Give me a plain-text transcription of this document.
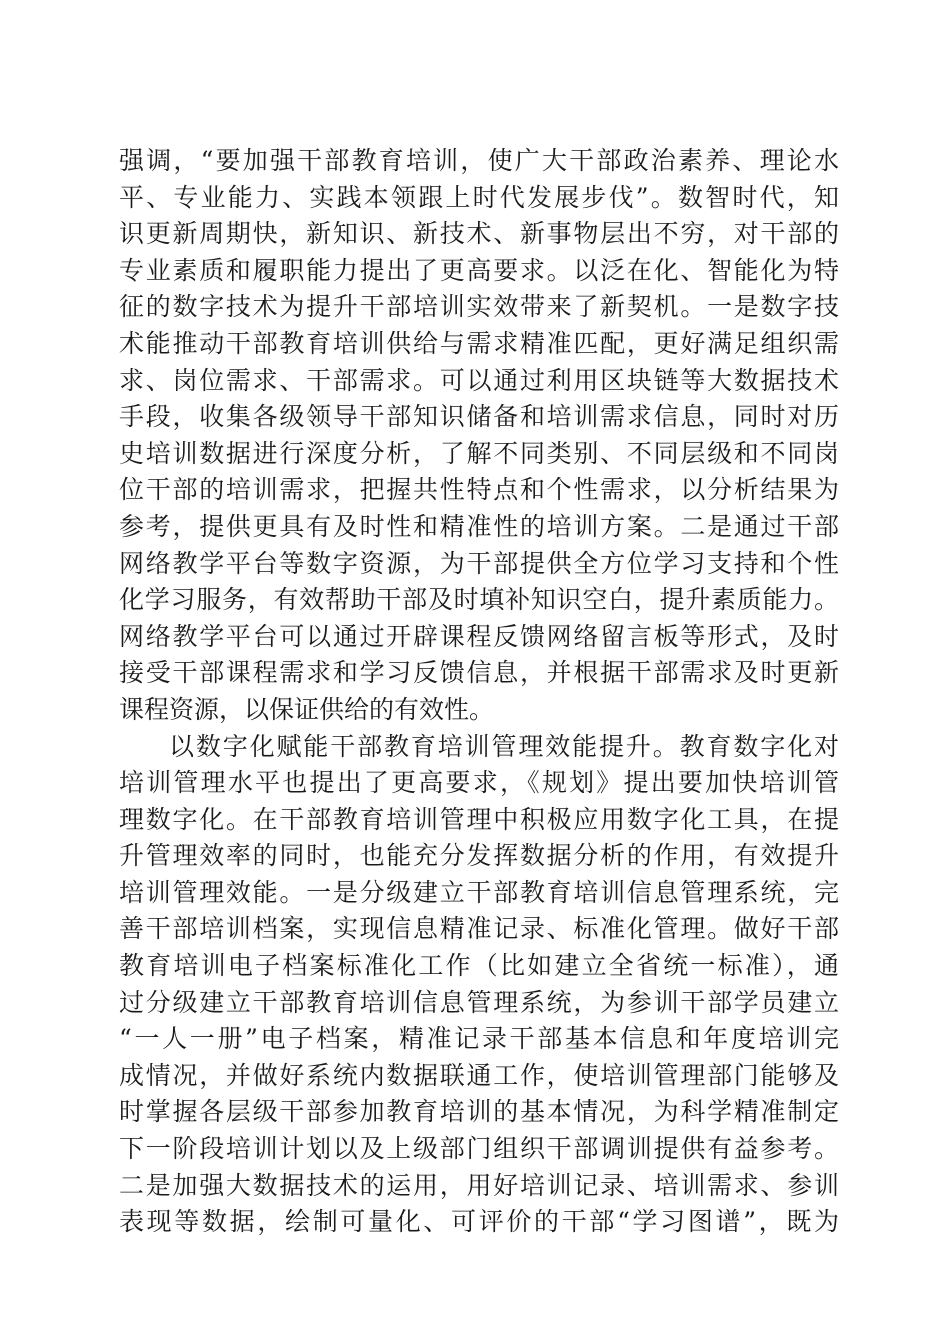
强调，“要加强干部教育培训，使广大干部政治素养、理论水
平、专业能力、实践本领跟上时代发展步伐”。数智时代，知
识更新周期快，新知识、新技术、新事物层出不穷，对干部的
专业素质和履职能力提出了更高要求。以泛在化、智能化为特
征的数字技术为提升干部培训实效带来了新契机。一是数字技
术能推动干部教育培训供给与需求精准匹配，更好满足组织需
求、岗位需求、干部需求。可以通过利用区块链等大数据技术
手段，收集各级领导干部知识储备和培训需求信息，同时对历
史培训数据进行深度分析，了解不同类别、不同层级和不同岗
位干部的培训需求，把握共性特点和个性需求，以分析结果为
参考，提供更具有及时性和精准性的培训方案。二是通过干部
网络教学平台等数字资源，为干部提供全方位学习支持和个性
化学习服务，有效帮助干部及时填补知识空白，提升素质能力。
网络教学平台可以通过开辟课程反馈网络留言板等形式，及时
接受干部课程需求和学习反馈信息，并根据干部需求及时更新
课程资源，以保证供给的有效性。
以数字化赋能干部教育培训管理效能提升。教育数字化对
培训管理水平也提出了更高要求，《规划》提出要加快培训管
理数字化。在干部教育培训管理中积极应用数字化工具，在提
升管理效率的同时，也能充分发挥数据分析的作用，有效提升
培训管理效能。一是分级建立干部教育培训信息管理系统，完
善干部培训档案，实现信息精准记录、标准化管理。做好干部
教育培训电子档案标准化工作（比如建立全省统一标准），通
过分级建立干部教育培训信息管理系统，为参训干部学员建立
“一人一册”电子档案，精准记录干部基本信息和年度培训完
成情况，并做好系统内数据联通工作，使培训管理部门能够及
时掌握各层级干部参加教育培训的基本情况，为科学精准制定
下一阶段培训计划以及上级部门组织干部调训提供有益参考。
二是加强大数据技术的运用，用好培训记录、培训需求、参训
表现等数据，绘制可量化、可评价的干部“学习图谱”，既为
